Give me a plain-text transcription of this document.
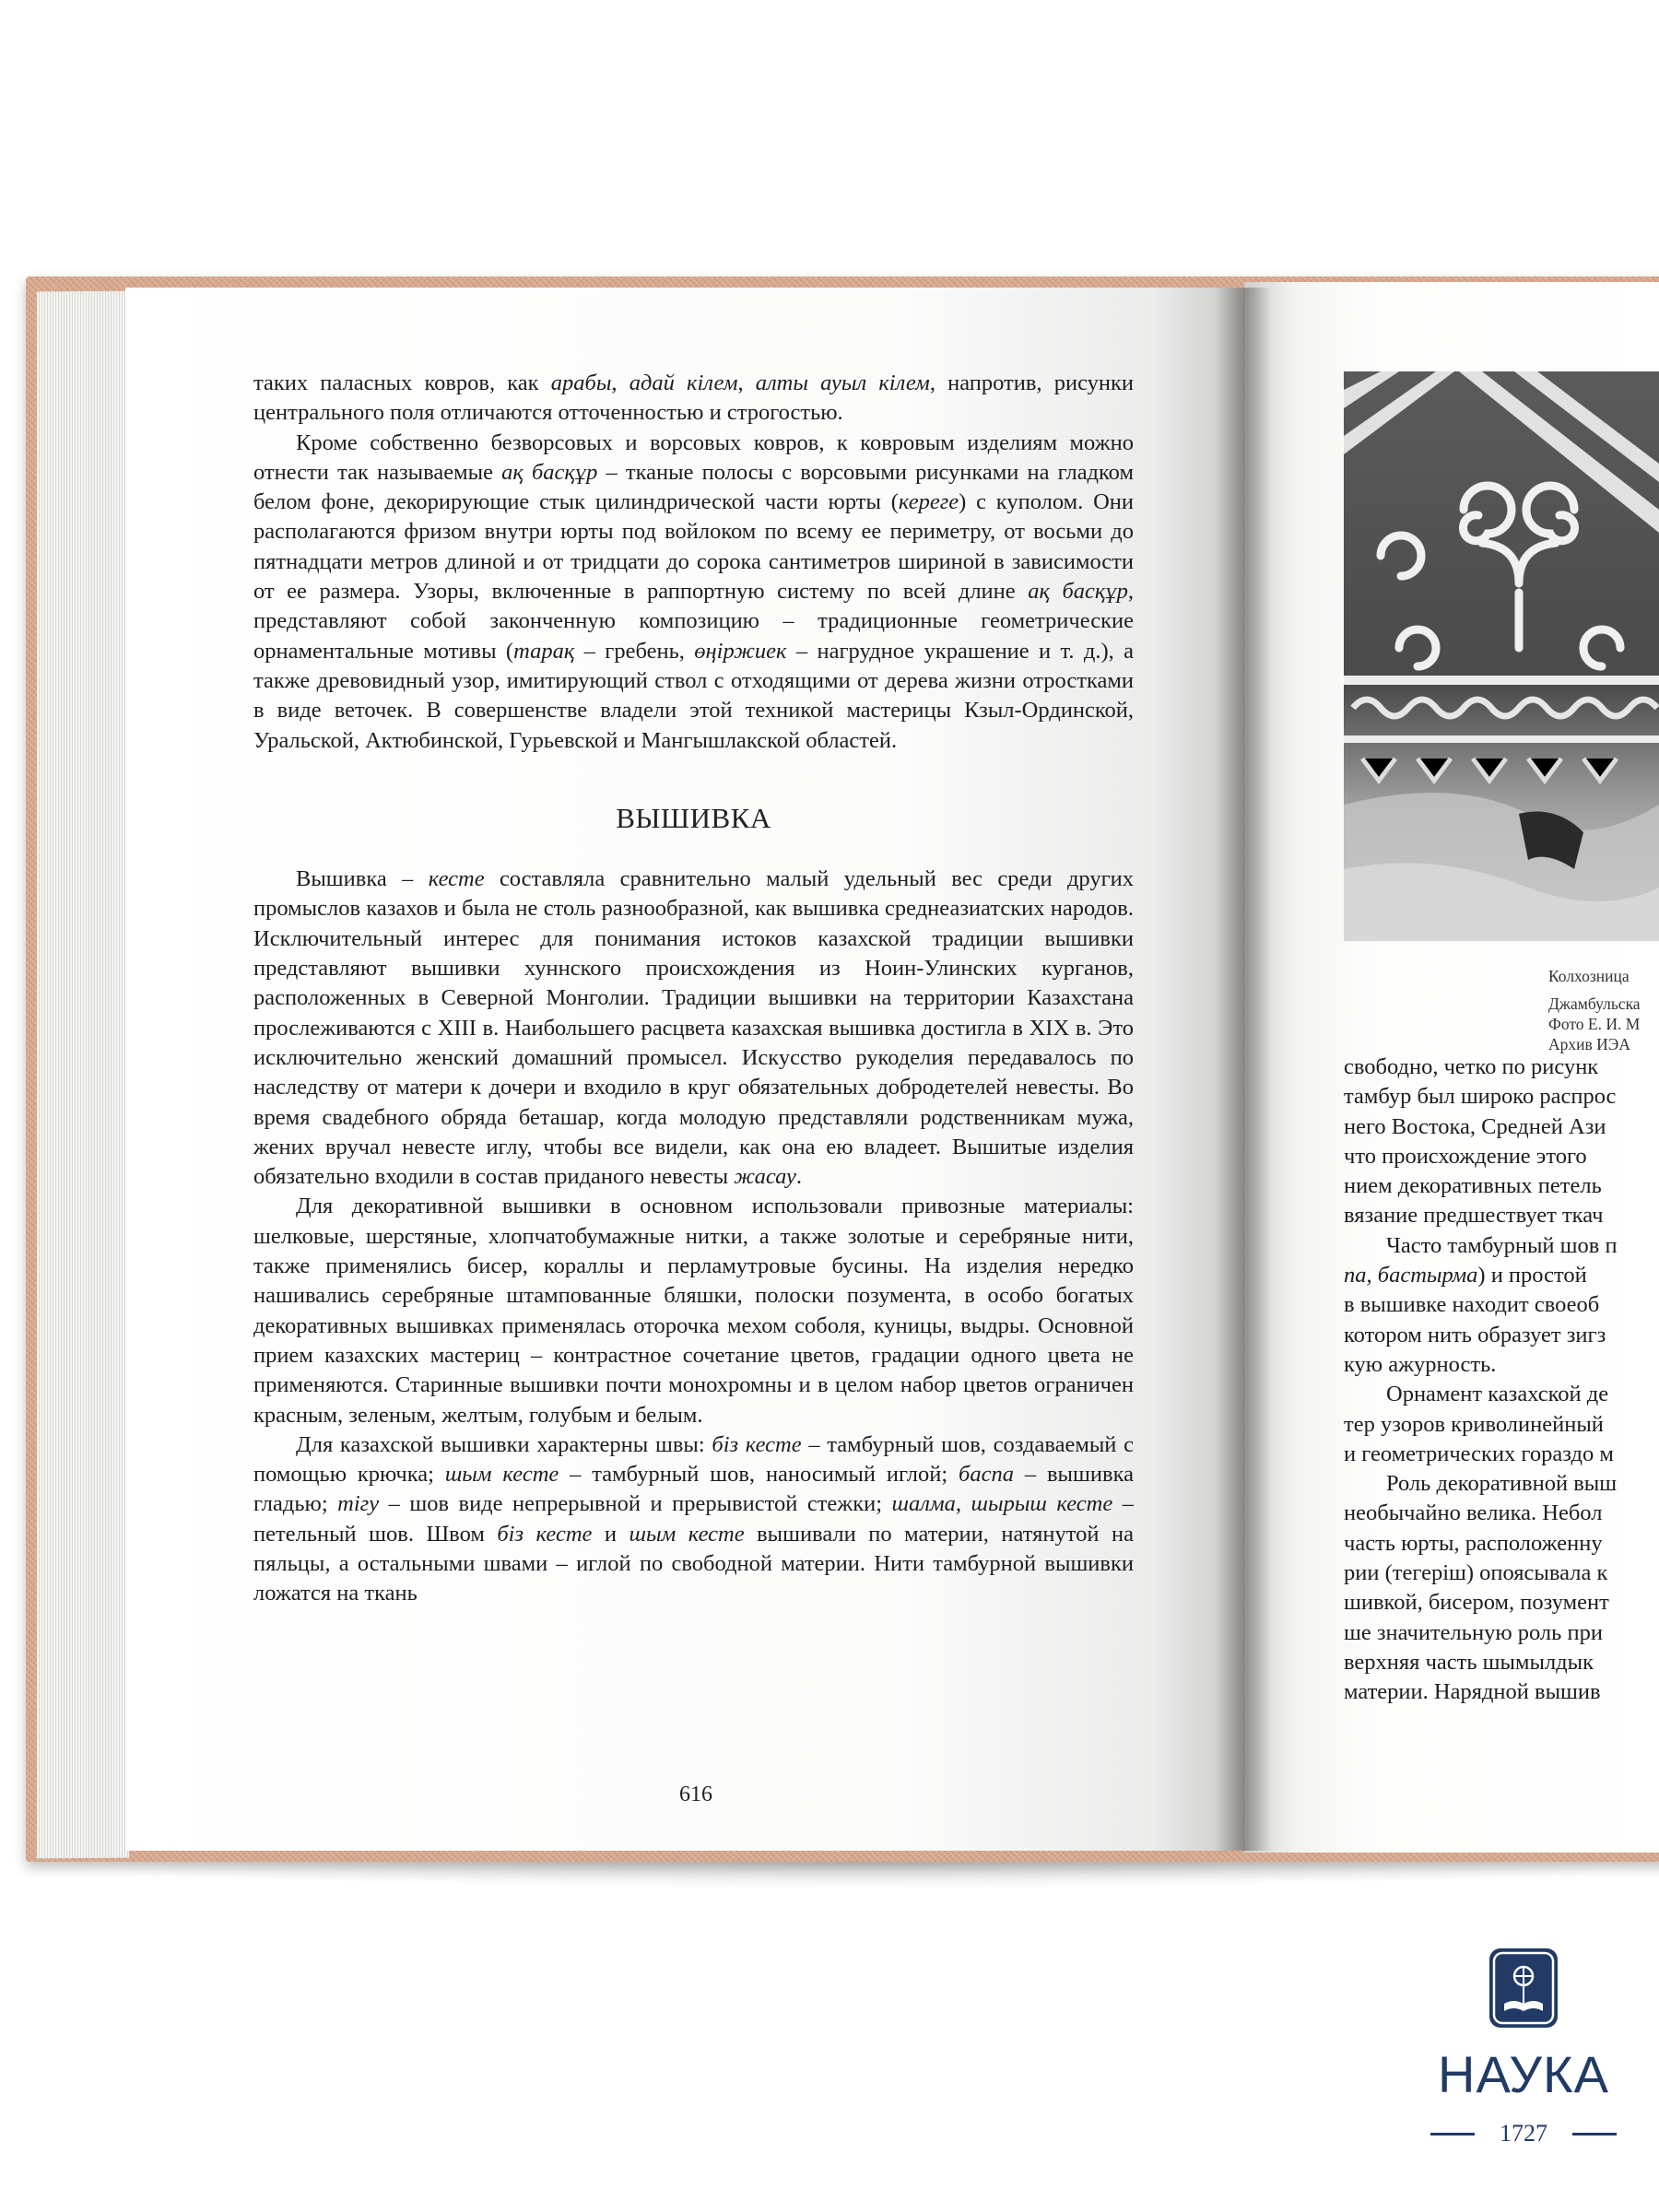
таких паласных ковров, как арабы, адай кілем, алты ауыл кілем, напротив, рисунки центрального поля отличаются отточенностью и строгостью.

Кроме собственно безворсовых и ворсовых ковров, к ковровым изделиям можно отнести так называемые ақ басқұр – тканые полосы с ворсовыми рисунками на гладком белом фоне, декорирующие стык цилиндрической части юрты (кереге) с куполом. Они располагаются фризом внутри юрты под войлоком по всему ее периметру, от восьми до пятнадцати метров длиной и от тридцати до сорока сантиметров шириной в зависимости от ее размера. Узоры, включенные в раппортную систему по всей длине ақ басқұр, представляют собой законченную композицию – традиционные геометрические орнаментальные мотивы (тарақ – гребень, өңіржиек – нагрудное украшение и т. д.), а также древовидный узор, имитирующий ствол с отходящими от дерева жизни отростками в виде веточек. В совершенстве владели этой техникой мастерицы Кзыл-Ординской, Уральской, Актюбинской, Гурьевской и Мангышлакской областей.

ВЫШИВКА

Вышивка – кесте составляла сравнительно малый удельный вес среди других промыслов казахов и была не столь разнообразной, как вышивка среднеазиатских народов. Исключительный интерес для понимания истоков казахской традиции вышивки представляют вышивки хуннского происхождения из Ноин-Улинских курганов, расположенных в Северной Монголии. Традиции вышивки на территории Казахстана прослеживаются с XIII в. Наибольшего расцвета казахская вышивка достигла в XIX в. Это исключительно женский домашний промысел. Искусство рукоделия передавалось по наследству от матери к дочери и входило в круг обязательных добродетелей невесты. Во время свадебного обряда беташар, когда молодую представляли родственникам мужа, жених вручал невесте иглу, чтобы все видели, как она ею владеет. Вышитые изделия обязательно входили в состав приданого невесты жасау.

Для декоративной вышивки в основном использовали привозные материалы: шелковые, шерстяные, хлопчатобумажные нитки, а также золотые и серебряные нити, также применялись бисер, кораллы и перламутровые бусины. На изделия нередко нашивались серебряные штампованные бляшки, полоски позумента, в особо богатых декоративных вышивках применялась оторочка мехом соболя, куницы, выдры. Основной прием казахских мастериц – контрастное сочетание цветов, градации одного цвета не применяются. Старинные вышивки почти монохромны и в целом набор цветов ограничен красным, зеленым, желтым, голубым и белым.

Для казахской вышивки характерны швы: біз кесте – тамбурный шов, создаваемый с помощью крючка; шым кесте – тамбурный шов, наносимый иглой; баспа – вышивка гладью; тігу – шов виде непрерывной и прерывистой стежки; шалма, шырыш кесте – петельный шов. Швом біз кесте и шым кесте вышивали по материи, натянутой на пяльцы, а остальными швами – иглой по свободной материи. Нити тамбурной вышивки ложатся на ткань

616
Колхозница
Джамбульска
Фото Е. И. М
Архив ИЭА
свободно, четко по рисунк
тамбур был широко распрос
него Востока, Средней Ази
что происхождение этого
нием декоративных петель
вязание предшествует ткач
Часто тамбурный шов п
па, бастырма) и простой
в вышивке находит своеоб
котором нить образует зигз
кую ажурность.
Орнамент казахской де
тер узоров криволинейный
и геометрических гораздо м
Роль декоративной выш
необычайно велика. Небол
часть юрты, расположенну
рии (тегеріш) опоясывала к
шивкой, бисером, позумент
ше значительную роль при
верхняя часть шымылдык
материи. Нарядной вышив
НАУКА
1727
